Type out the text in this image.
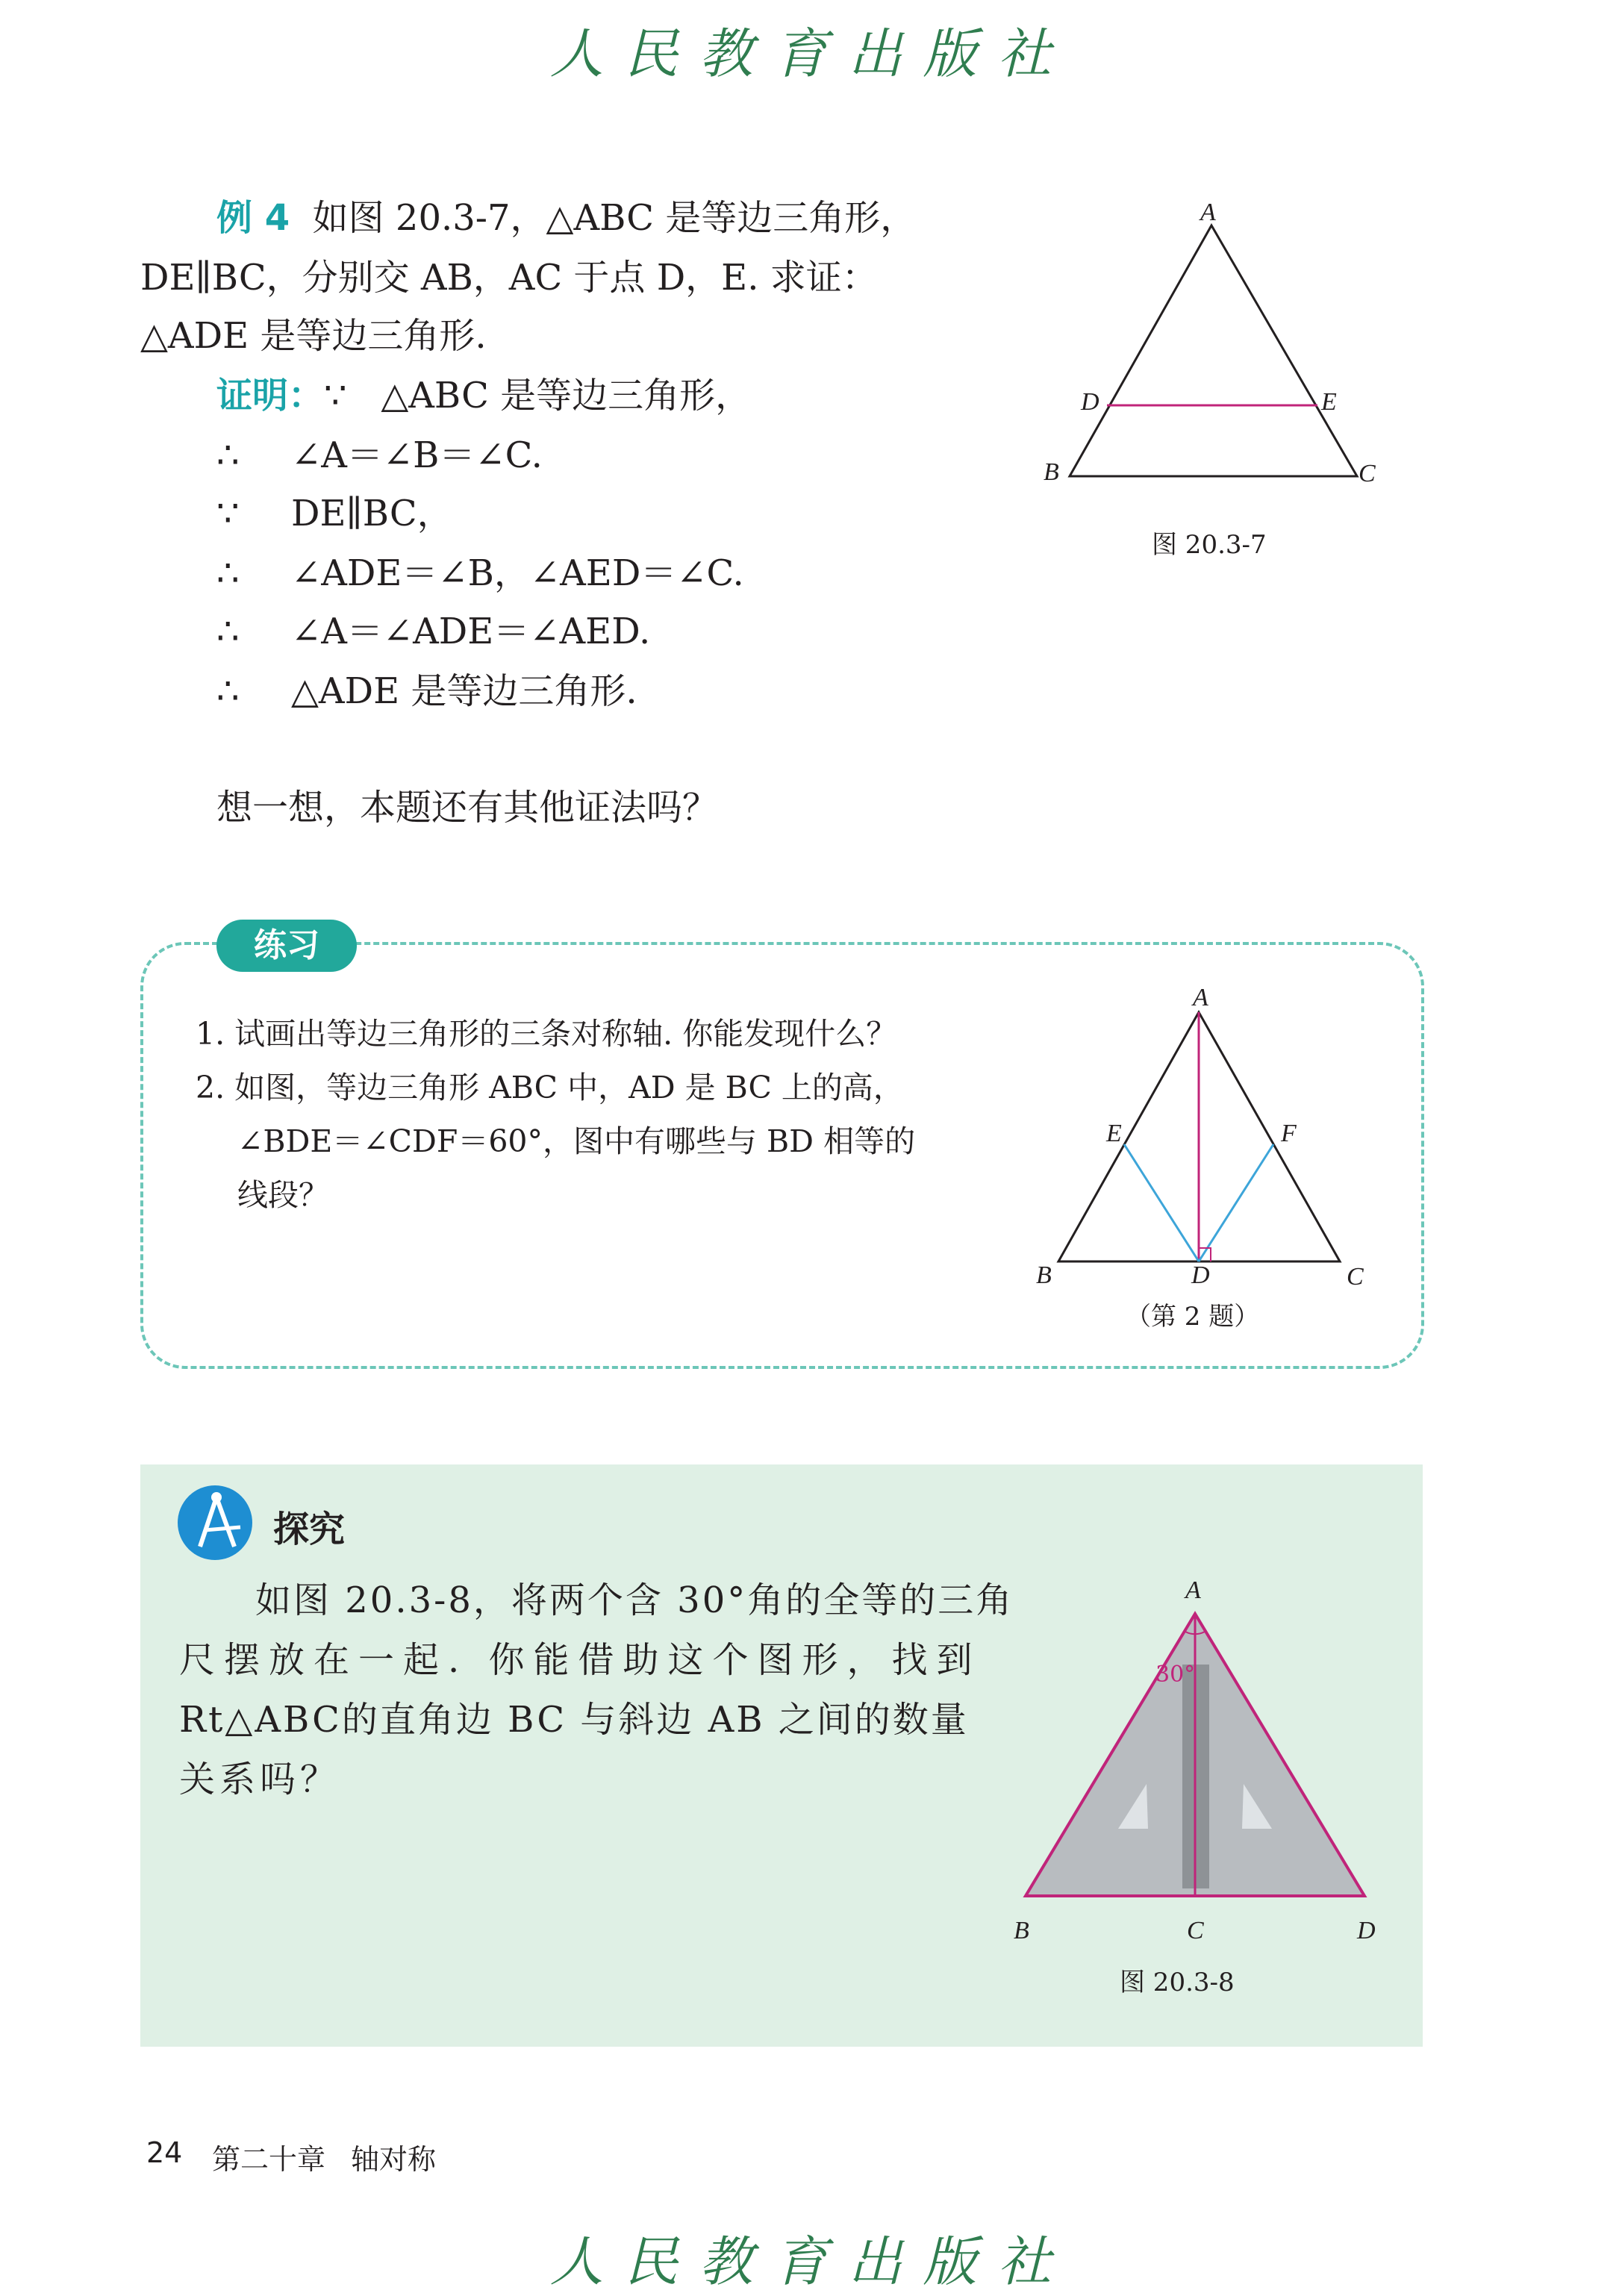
人民教育出版社
例 4 如图 20.3-7，△ABC 是等边三角形，
DE∥BC，分别交 AB，AC 于点 D，E. 求证：
△ADE 是等边三角形.
证明：∵ △ABC 是等边三角形，
∴ ∠A＝∠B＝∠C.
∵ DE∥BC，
∴ ∠ADE＝∠B，∠AED＝∠C.
∴ ∠A＝∠ADE＝∠AED.
∴ △ADE 是等边三角形.
想一想，本题还有其他证法吗？
A
D	E
B	C
图 20.3-7
练习
1. 试画出等边三角形的三条对称轴. 你能发现什么？
2. 如图，等边三角形 ABC 中，AD 是 BC 上的高，
∠BDE＝∠CDF＝60°，图中有哪些与 BD 相等的
线段？
A
E	F
B	D	C
（第 2 题）
探究
如图 20.3-8，将两个含 30°角的全等的三角
尺摆放在一起. 你能借助这个图形，找到
Rt△ABC的直角边 BC 与斜边 AB 之间的数量
关系吗？
30°
A
B	C	D
图 20.3-8
24 第二十章 轴对称
人民教育出版社
